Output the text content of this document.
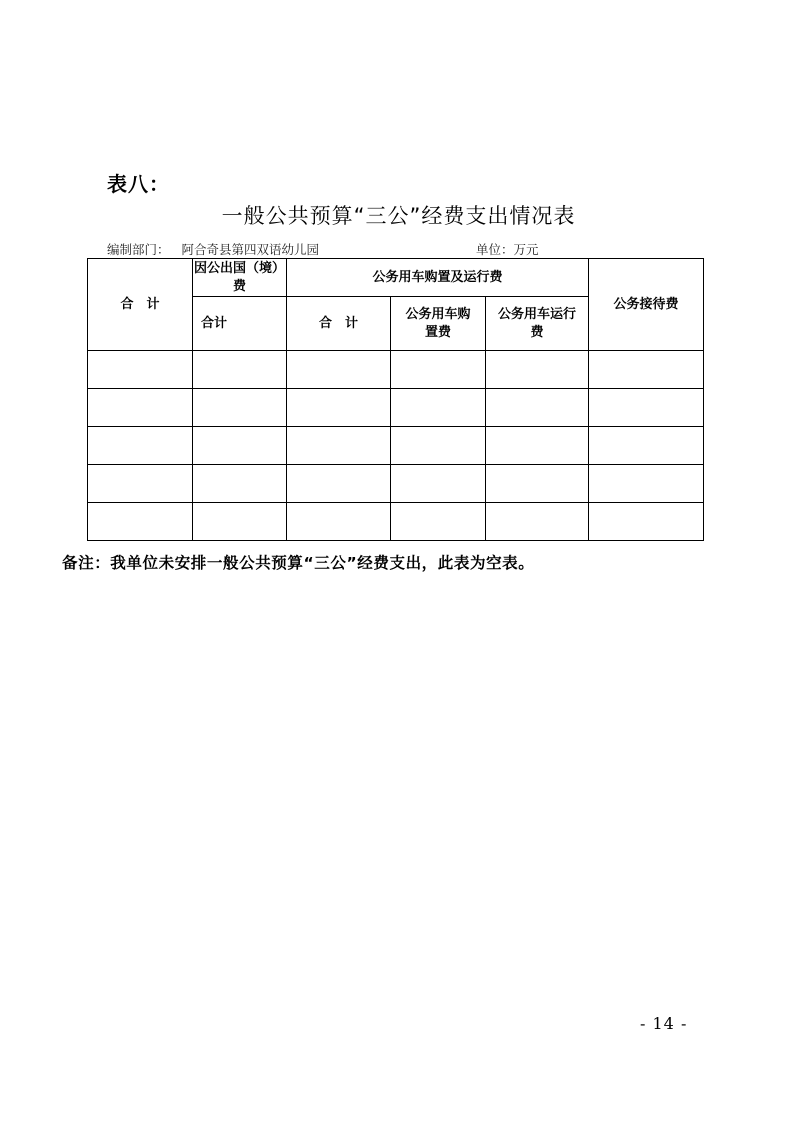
表八：
一般公共预算“三公”经费支出情况表
编制部门： 阿合奇县第四双语幼儿园	单位：万元
合　计	因公出国（境）费	公务用车购置及运行费			公务接待费
	合计	合　计	公务用车购置费	公务用车运行费	

备注：我单位未安排一般公共预算“三公”经费支出，此表为空表。
- 14 -
